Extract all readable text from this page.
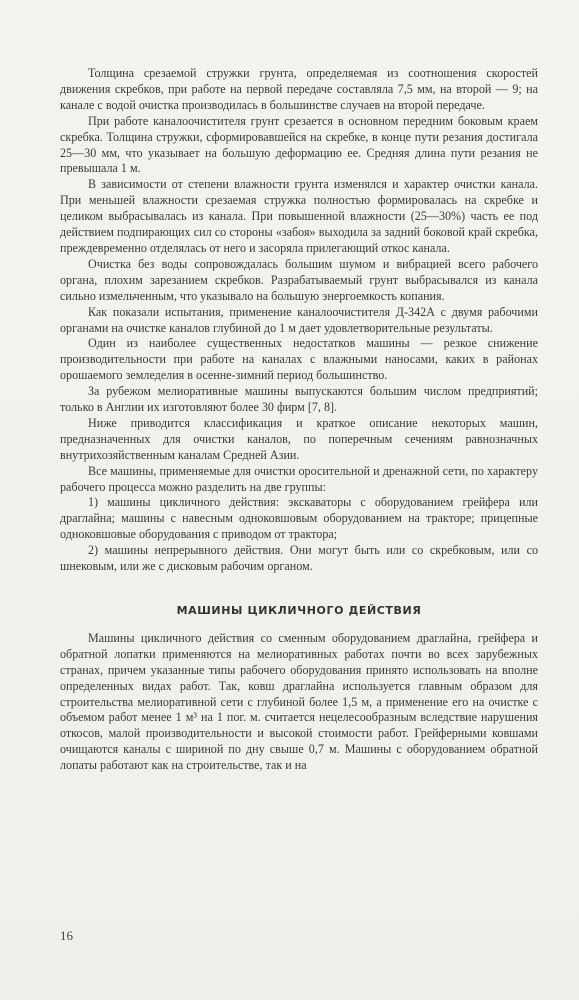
Толщина срезаемой стружки грунта, определяемая из соотношения скоростей движения скребков, при работе на первой передаче составляла 7,5 мм, на второй — 9; на канале с водой очистка производилась в большинстве случаев на второй передаче.

При работе каналоочистителя грунт срезается в основном передним боковым краем скребка. Толщина стружки, сформировавшейся на скребке, в конце пути резания достигала 25—30 мм, что указывает на большую деформацию ее. Средняя длина пути резания не превышала 1 м.

В зависимости от степени влажности грунта изменялся и характер очистки канала. При меньшей влажности срезаемая стружка полностью формировалась на скребке и целиком выбрасывалась из канала. При повышенной влажности (25—30%) часть ее под действием подпирающих сил со стороны «забоя» выходила за задний боковой край скребка, преждевременно отделялась от него и засоряла прилегающий откос канала.

Очистка без воды сопровождалась большим шумом и вибрацией всего рабочего органа, плохим зарезанием скребков. Разрабатываемый грунт выбрасывался из канала сильно измельченным, что указывало на большую энергоемкость копания.

Как показали испытания, применение каналоочистителя Д-342А с двумя рабочими органами на очистке каналов глубиной до 1 м дает удовлетворительные результаты.

Один из наиболее существенных недостатков машины — резкое снижение производительности при работе на каналах с влажными наносами, каких в районах орошаемого земледелия в осенне-зимний период большинство.

За рубежом мелиоративные машины выпускаются большим числом предприятий; только в Англии их изготовляют более 30 фирм [7, 8].

Ниже приводится классификация и краткое описание некоторых машин, предназначенных для очистки каналов, по поперечным сечениям равнозначных внутрихозяйственным каналам Средней Азии.

Все машины, применяемые для очистки оросительной и дренажной сети, по характеру рабочего процесса можно разделить на две группы:

1) машины цикличного действия: экскаваторы с оборудованием грейфера или драглайна; машины с навесным одноковшовым оборудованием на тракторе; прицепные одноковшовые оборудования с приводом от трактора;

2) машины непрерывного действия. Они могут быть или со скребковым, или со шнековым, или же с дисковым рабочим органом.

МАШИНЫ ЦИКЛИЧНОГО ДЕЙСТВИЯ

Машины цикличного действия со сменным оборудованием драглайна, грейфера и обратной лопатки применяются на мелиоративных работах почти во всех зарубежных странах, причем указанные типы рабочего оборудования принято использовать на вполне определенных видах работ. Так, ковш драглайна используется главным образом для строительства мелиоративной сети с глубиной более 1,5 м, а применение его на очистке с объемом работ менее 1 м³ на 1 пог. м. считается нецелесообразным вследствие нарушения откосов, малой производительности и высокой стоимости работ. Грейферными ковшами очищаются каналы с шириной по дну свыше 0,7 м. Машины с оборудованием обратной лопаты работают как на строительстве, так и на

16
